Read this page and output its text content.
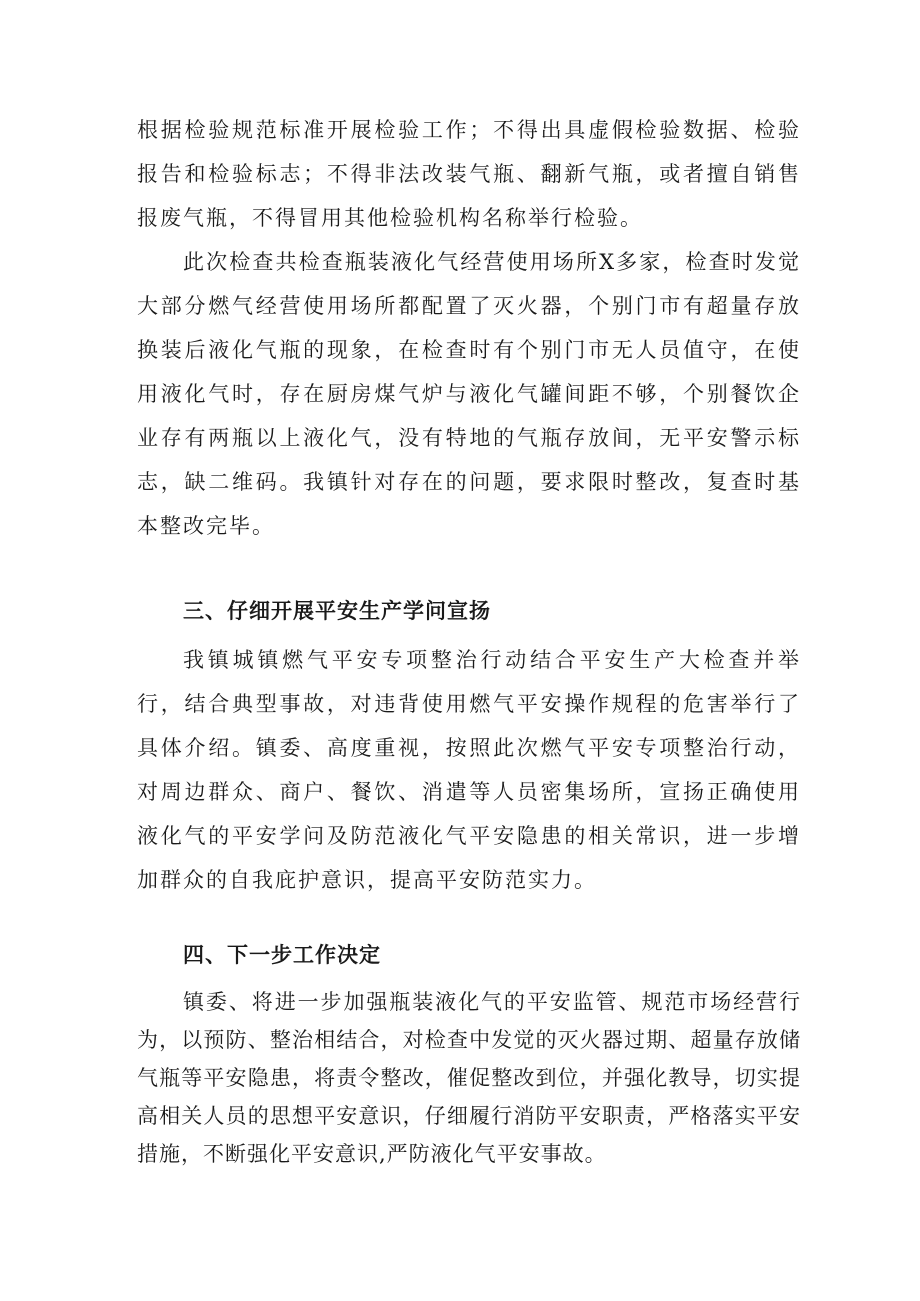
根据检验规范标准开展检验工作；不得出具虚假检验数据、检验报告和检验标志；不得非法改装气瓶、翻新气瓶，或者擅自销售报废气瓶，不得冒用其他检验机构名称举行检验。

此次检查共检查瓶装液化气经营使用场所X多家，检查时发觉大部分燃气经营使用场所都配置了灭火器，个别门市有超量存放换装后液化气瓶的现象，在检查时有个别门市无人员值守，在使用液化气时，存在厨房煤气炉与液化气罐间距不够，个别餐饮企业存有两瓶以上液化气，没有特地的气瓶存放间，无平安警示标志，缺二维码。我镇针对存在的问题，要求限时整改，复查时基本整改完毕。

三、仔细开展平安生产学问宣扬

我镇城镇燃气平安专项整治行动结合平安生产大检查并举行，结合典型事故，对违背使用燃气平安操作规程的危害举行了具体介绍。镇委、高度重视，按照此次燃气平安专项整治行动，对周边群众、商户、餐饮、消遣等人员密集场所，宣扬正确使用液化气的平安学问及防范液化气平安隐患的相关常识，进一步增加群众的自我庇护意识，提高平安防范实力。

四、下一步工作决定

镇委、将进一步加强瓶装液化气的平安监管、规范市场经营行为，以预防、整治相结合，对检查中发觉的灭火器过期、超量存放储气瓶等平安隐患，将责令整改，催促整改到位，并强化教导，切实提高相关人员的思想平安意识，仔细履行消防平安职责，严格落实平安措施，不断强化平安意识,严防液化气平安事故。
